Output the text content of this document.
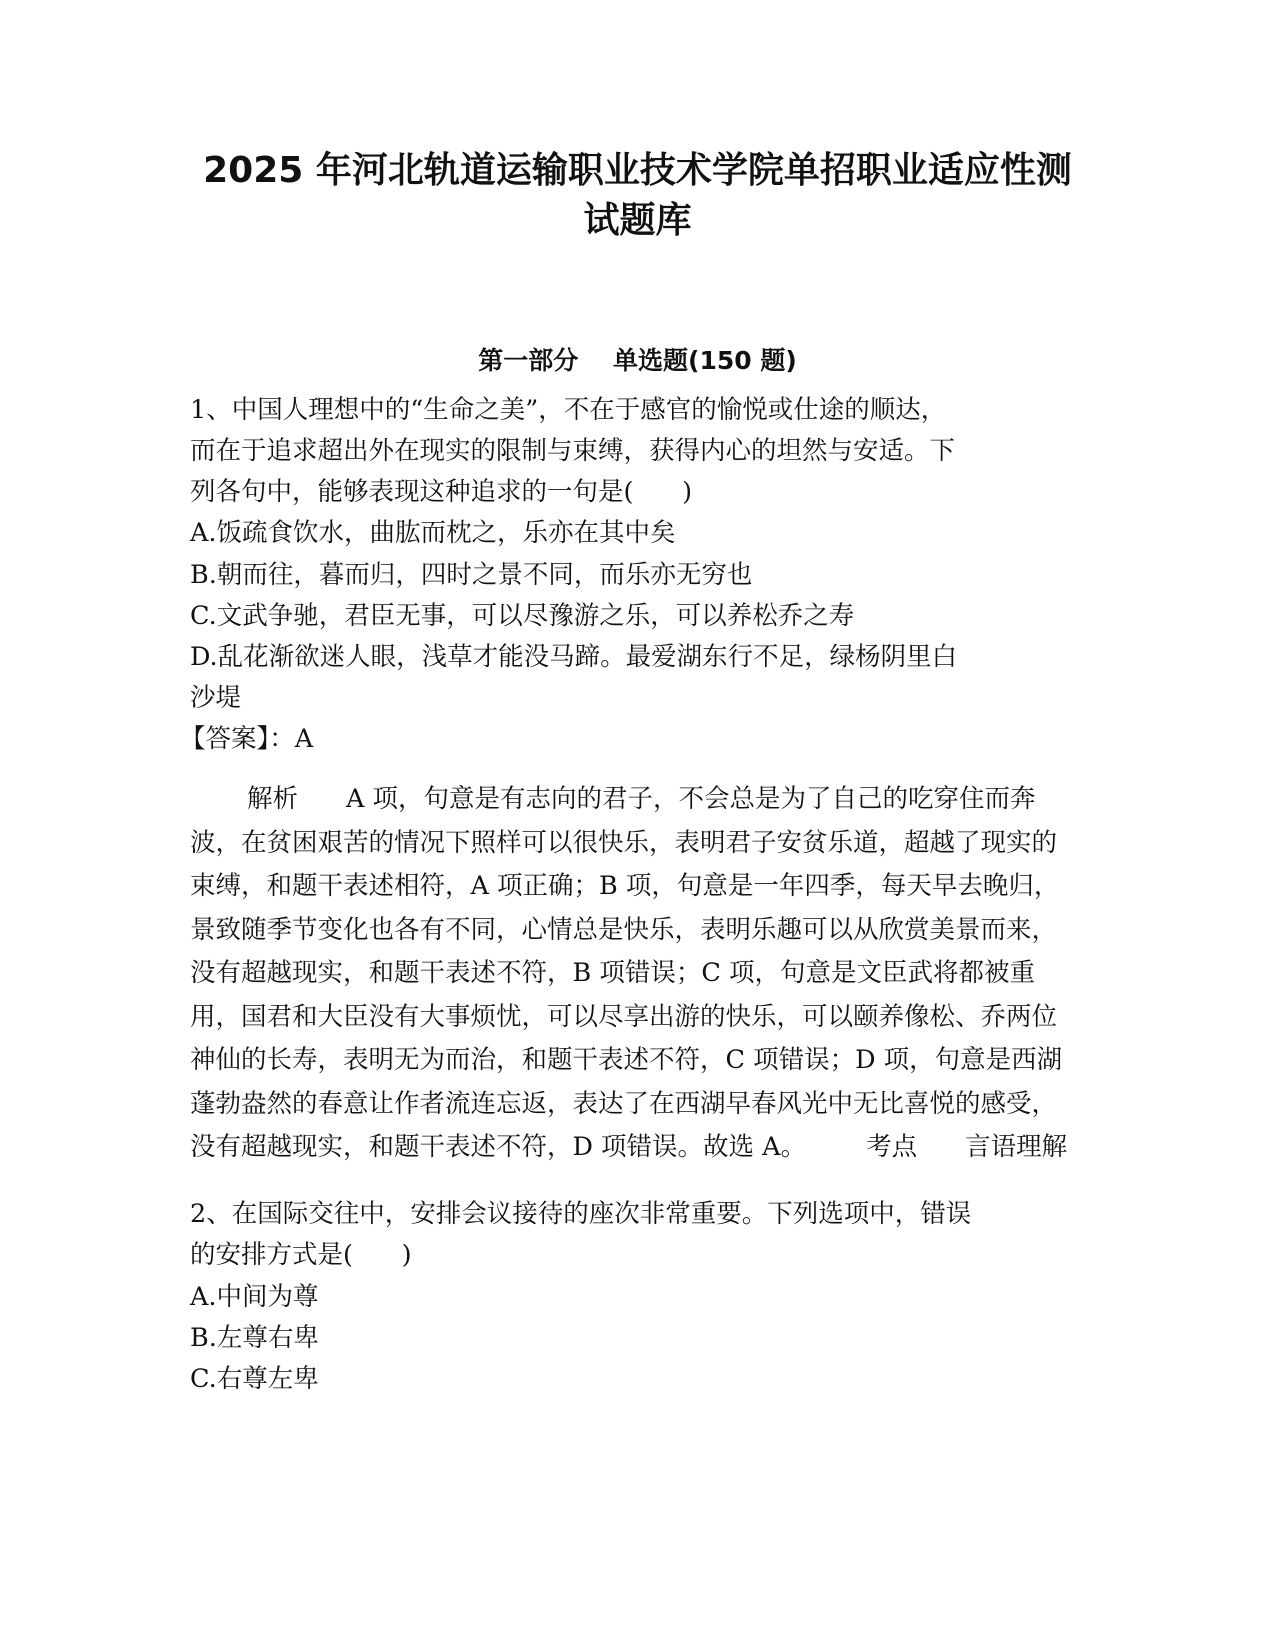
2025 年河北轨道运输职业技术学院单招职业适应性测
试题库
第一部分    单选题(150 题)

1、中国人理想中的“生命之美”，不在于感官的愉悦或仕途的顺达，

而在于追求超出外在现实的限制与束缚，获得内心的坦然与安适。下

列各句中，能够表现这种追求的一句是(      )

A.饭疏食饮水，曲肱而枕之，乐亦在其中矣

B.朝而往，暮而归，四时之景不同，而乐亦无穷也

C.文武争驰，君臣无事，可以尽豫游之乐，可以养松乔之寿

D.乱花渐欲迷人眼，浅草才能没马蹄。最爱湖东行不足，绿杨阴里白

沙堤

【答案】：A

解析 A 项，句意是有志向的君子，不会总是为了自己的吃穿住而奔波，在贫困艰苦的情况下照样可以很快乐，表明君子安贫乐道，超越了现实的束缚，和题干表述相符，A 项正确；B 项，句意是一年四季，每天早去晚归，景致随季节变化也各有不同，心情总是快乐，表明乐趣可以从欣赏美景而来，没有超越现实，和题干表述不符，B 项错误；C 项，句意是文臣武将都被重用，国君和大臣没有大事烦忧，可以尽享出游的快乐，可以颐养像松、乔两位神仙的长寿，表明无为而治，和题干表述不符，C 项错误；D 项，句意是西湖蓬勃盎然的春意让作者流连忘返，表达了在西湖早春风光中无比喜悦的感受，没有超越现实，和题干表述不符，D 项错误。故选 A。 考点 言语理解

2、在国际交往中，安排会议接待的座次非常重要。下列选项中，错误

的安排方式是(      )

A.中间为尊

B.左尊右卑

C.右尊左卑
